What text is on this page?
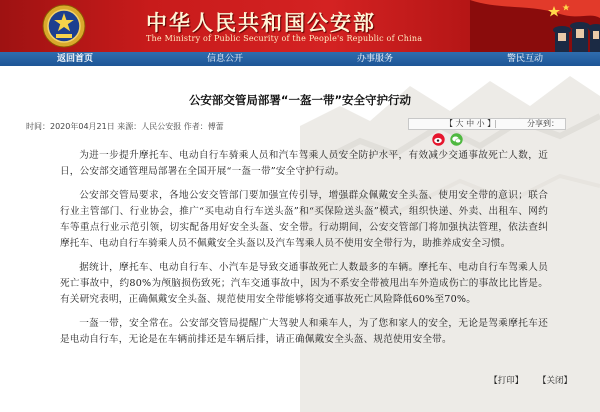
中华人民共和国公安部
The Ministry of Public Security of the People's Republic of China
返回首页	信息公开	办事服务	警民互动
公安部交管局部署“一盔一带”安全守护行动
时间：2020年04月21日 来源：人民公安报 作者：傅蕾	【 大 中 小 】	分享到：

为进一步提升摩托车、电动自行车骑乘人员和汽车驾乘人员安全防护水平，有效减少交通事故死亡人数，近日，公安部交通管理局部署在全国开展“一盔一带”安全守护行动。

公安部交管局要求，各地公安交管部门要加强宣传引导，增强群众佩戴安全头盔、使用安全带的意识；联合行业主管部门、行业协会，推广“买电动自行车送头盔”和“买保险送头盔”模式，组织快递、外卖、出租车、网约车等重点行业示范引领，切实配备用好安全头盔、安全带。行动期间，公安交管部门将加强执法管理，依法查纠摩托车、电动自行车骑乘人员不佩戴安全头盔以及汽车驾乘人员不使用安全带行为，助推养成安全习惯。

据统计，摩托车、电动自行车、小汽车是导致交通事故死亡人数最多的车辆。摩托车、电动自行车驾乘人员死亡事故中，约80%为颅脑损伤致死；汽车交通事故中，因为不系安全带被甩出车外造成伤亡的事故比比皆是。有关研究表明，正确佩戴安全头盔、规范使用安全带能够将交通事故死亡风险降低60%至70%。

一盔一带，安全常在。公安部交管局提醒广大驾驶人和乘车人，为了您和家人的安全，无论是驾乘摩托车还是电动自行车，无论是在车辆前排还是车辆后排，请正确佩戴安全头盔、规范使用安全带。

【打印】 【关闭】
